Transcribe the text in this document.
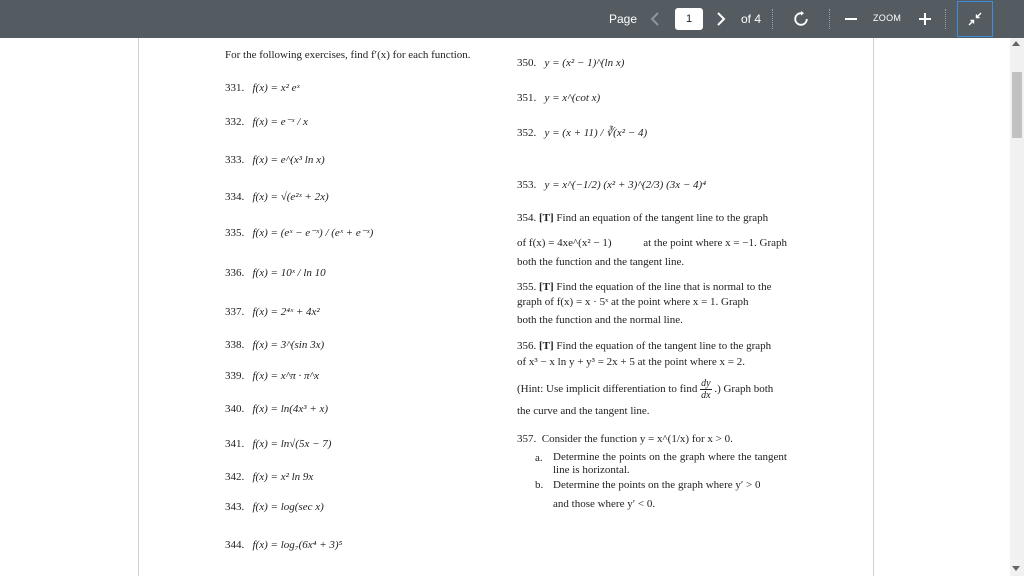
Page
1	of 4	ZOOM
For the following exercises, find f′(x) for each function.
331. f(x) = x² eˣ
332. f(x) = e⁻ˣ / x
333. f(x) = e^(x³ ln x)
334. f(x) = √(e²ˣ + 2x)
335. f(x) = (eˣ − e⁻ˣ) / (eˣ + e⁻ˣ)
336. f(x) = 10ˣ / ln 10
337. f(x) = 2⁴ˣ + 4x²
338. f(x) = 3^(sin 3x)
339. f(x) = x^π · π^x
340. f(x) = ln(4x³ + x)
341. f(x) = ln√(5x − 7)
342. f(x) = x² ln 9x
343. f(x) = log(sec x)
344. f(x) = log₇(6x⁴ + 3)⁵
350. y = (x² − 1)^(ln x)
351. y = x^(cot x)
352. y = (x + 11) / ∛(x² − 4)
353. y = x^(−1/2) (x² + 3)^(2/3) (3x − 4)⁴
354. [T] Find an equation of the tangent line to the graph
of f(x) = 4xe^(x² − 1)	at the point where x = −1. Graph
both the function and the tangent line.
355. [T] Find the equation of the line that is normal to the
graph of f(x) = x · 5ˣ at the point where x = 1. Graph
both the function and the normal line.
356. [T] Find the equation of the tangent line to the graph
of x³ − x ln y + y³ = 2x + 5 at the point where x = 2.
(Hint: Use implicit differentiation to find $\frac{dy}{dx}$ .) Graph both
the curve and the tangent line.
357. Consider the function y = x^(1/x) for x > 0.
a. Determine the points on the graph where the tangent line is horizontal.
b. Determine the points on the graph where y′ > 0
and those where y′ < 0.
